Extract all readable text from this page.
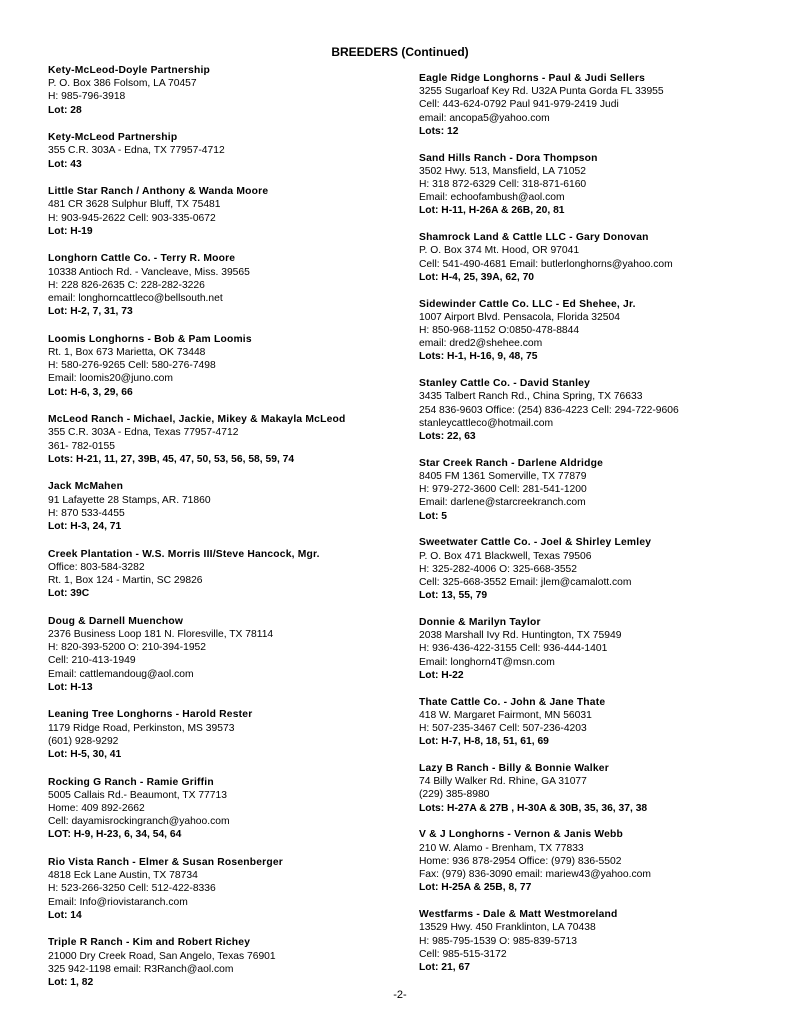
BREEDERS (Continued)
Kety-McLeod-Doyle Partnership
P. O. Box 386 Folsom, LA 70457
H: 985-796-3918
Lot: 28
Kety-McLeod Partnership
355 C.R. 303A - Edna, TX 77957-4712
Lot: 43
Little Star Ranch / Anthony & Wanda Moore
481 CR 3628 Sulphur Bluff, TX 75481
H: 903-945-2622 Cell: 903-335-0672
Lot: H-19
Longhorn Cattle Co. - Terry R. Moore
10338 Antioch Rd. - Vancleave, Miss. 39565
H: 228 826-2635 C: 228-282-3226
email: longhorncattleco@bellsouth.net
Lot: H-2, 7, 31, 73
Loomis Longhorns - Bob & Pam Loomis
Rt. 1, Box 673 Marietta, OK 73448
H: 580-276-9265 Cell: 580-276-7498
Email: loomis20@juno.com
Lot: H-6, 3, 29, 66
McLeod Ranch - Michael, Jackie, Mikey & Makayla McLeod
355 C.R. 303A - Edna, Texas 77957-4712
361- 782-0155
Lots: H-21, 11, 27, 39B, 45, 47, 50, 53, 56, 58, 59, 74
Jack McMahen
91 Lafayette 28 Stamps, AR. 71860
H: 870 533-4455
Lot: H-3, 24, 71
Creek Plantation - W.S. Morris III/Steve Hancock, Mgr.
Office: 803-584-3282
Rt. 1, Box 124 - Martin, SC 29826
Lot: 39C
Doug & Darnell Muenchow
2376 Business Loop 181 N. Floresville, TX 78114
H: 820-393-5200 O: 210-394-1952
Cell: 210-413-1949
Email: cattlemandoug@aol.com
Lot: H-13
Leaning Tree Longhorns - Harold Rester
1179 Ridge Road, Perkinston, MS 39573
(601) 928-9292
Lot: H-5, 30, 41
Rocking G Ranch - Ramie Griffin
5005 Callais Rd.- Beaumont, TX 77713
Home: 409 892-2662
Cell: dayamisrockingranch@yahoo.com
LOT: H-9, H-23, 6, 34, 54, 64
Rio Vista Ranch - Elmer & Susan Rosenberger
4818 Eck Lane Austin, TX 78734
H: 523-266-3250 Cell: 512-422-8336
Email: Info@riovistaranch.com
Lot: 14
Triple R Ranch - Kim and Robert Richey
21000 Dry Creek Road, San Angelo, Texas 76901
325 942-1198 email: R3Ranch@aol.com
Lot: 1, 82
Eagle Ridge Longhorns - Paul & Judi Sellers
3255 Sugarloaf Key Rd. U32A Punta Gorda FL 33955
Cell: 443-624-0792 Paul 941-979-2419 Judi
email: ancopa5@yahoo.com
Lots: 12
Sand Hills Ranch - Dora Thompson
3502 Hwy. 513, Mansfield, LA 71052
H: 318 872-6329 Cell: 318-871-6160
Email: echoofambush@aol.com
Lot: H-11, H-26A & 26B, 20, 81
Shamrock Land & Cattle LLC - Gary Donovan
P. O. Box 374 Mt. Hood, OR 97041
Cell: 541-490-4681 Email: butlerlonghorns@yahoo.com
Lot: H-4, 25, 39A, 62, 70
Sidewinder Cattle Co. LLC - Ed Shehee, Jr.
1007 Airport Blvd. Pensacola, Florida 32504
H: 850-968-1152 O:0850-478-8844
email: dred2@shehee.com
Lots: H-1, H-16, 9, 48, 75
Stanley Cattle Co. - David Stanley
3435 Talbert Ranch Rd., China Spring, TX 76633
254 836-9603 Office: (254) 836-4223 Cell: 294-722-9606
stanleycattleco@hotmail.com
Lots: 22, 63
Star Creek Ranch - Darlene Aldridge
8405 FM 1361 Somerville, TX 77879
H: 979-272-3600 Cell: 281-541-1200
Email: darlene@starcreekranch.com
Lot: 5
Sweetwater Cattle Co. - Joel & Shirley Lemley
P. O. Box 471 Blackwell, Texas 79506
H: 325-282-4006 O: 325-668-3552
Cell: 325-668-3552 Email: jlem@camalott.com
Lot: 13, 55, 79
Donnie & Marilyn Taylor
2038 Marshall Ivy Rd. Huntington, TX 75949
H: 936-436-422-3155 Cell: 936-444-1401
Email: longhorn4T@msn.com
Lot: H-22
Thate Cattle Co. - John & Jane Thate
418 W. Margaret Fairmont, MN 56031
H: 507-235-3467 Cell: 507-236-4203
Lot: H-7, H-8, 18, 51, 61, 69
Lazy B Ranch - Billy & Bonnie Walker
74 Billy Walker Rd. Rhine, GA 31077
(229) 385-8980
Lots: H-27A & 27B , H-30A & 30B, 35, 36, 37, 38
V & J Longhorns - Vernon & Janis Webb
210 W. Alamo - Brenham, TX 77833
Home: 936 878-2954 Office: (979) 836-5502
Fax: (979) 836-3090 email: mariew43@yahoo.com
Lot: H-25A & 25B, 8, 77
Westfarms - Dale & Matt Westmoreland
13529 Hwy. 450 Franklinton, LA 70438
H: 985-795-1539 O: 985-839-5713
Cell: 985-515-3172
Lot: 21, 67
-2-
